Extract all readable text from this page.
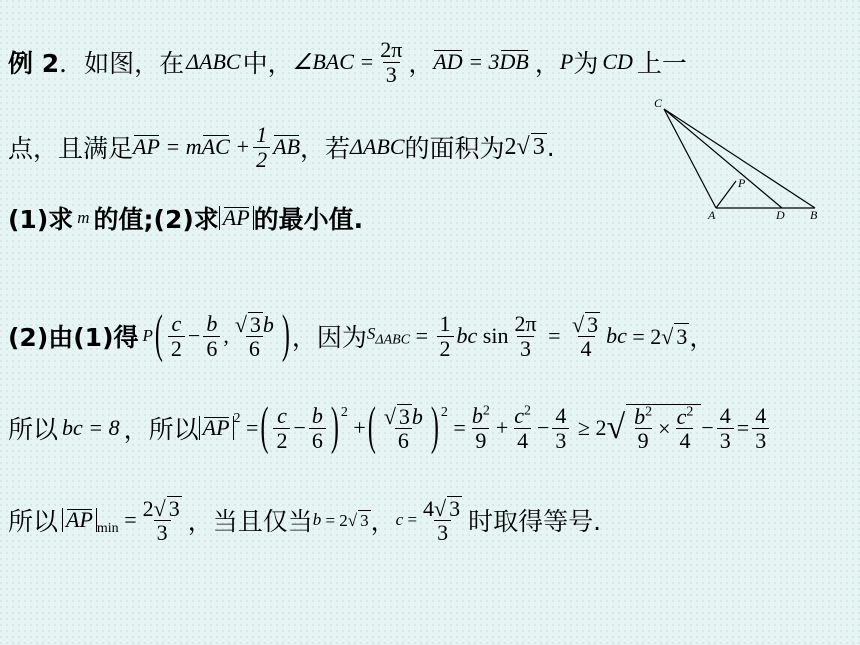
例 2 ．如图，在 ΔABC 中， ∠BAC = $\frac{2\pi}{3}$ ， AD = 3DB ， P 为 CD 上一
点，且满足 AP = m AC + $\frac{1}{2}$ AB ，若 ΔABC 的面积为 2√ 3 .
(1)求 m 的值;(2)求 AP 的最小值.
C
P
A	D B
(2)由(1)得 P ( $\frac{c}{2} - \frac{b}{6}$ , $\frac{√ 3b}{6}$ ) ，因为 $S_{\Delta ABC} = \frac{1}{2}$ bc $\sin \frac{2\pi}{3} = \frac{√ 3}{4}$ bc = 2√ 3 ，
所以 bc = 8 ，所以 AP 2 = ( $\frac{c}{2} - \frac{b}{6}$ ) 2
+ ( $\frac{√ 3b}{6}$ ) 2
= $\frac{b^2}{9} + \frac{c^2}{4} - \frac{4}{3} \ge 2$ √ $\frac{b^2}{9} \times \frac{c^2}{4} - \frac{4}{3} = \frac{4}{3}$
所以 AP $\min = \frac{2√ 3}{3}$ ，当且仅当 b = 2√ 3 ， $c = \frac{4√ 3}{3}$ 时取得等号.
